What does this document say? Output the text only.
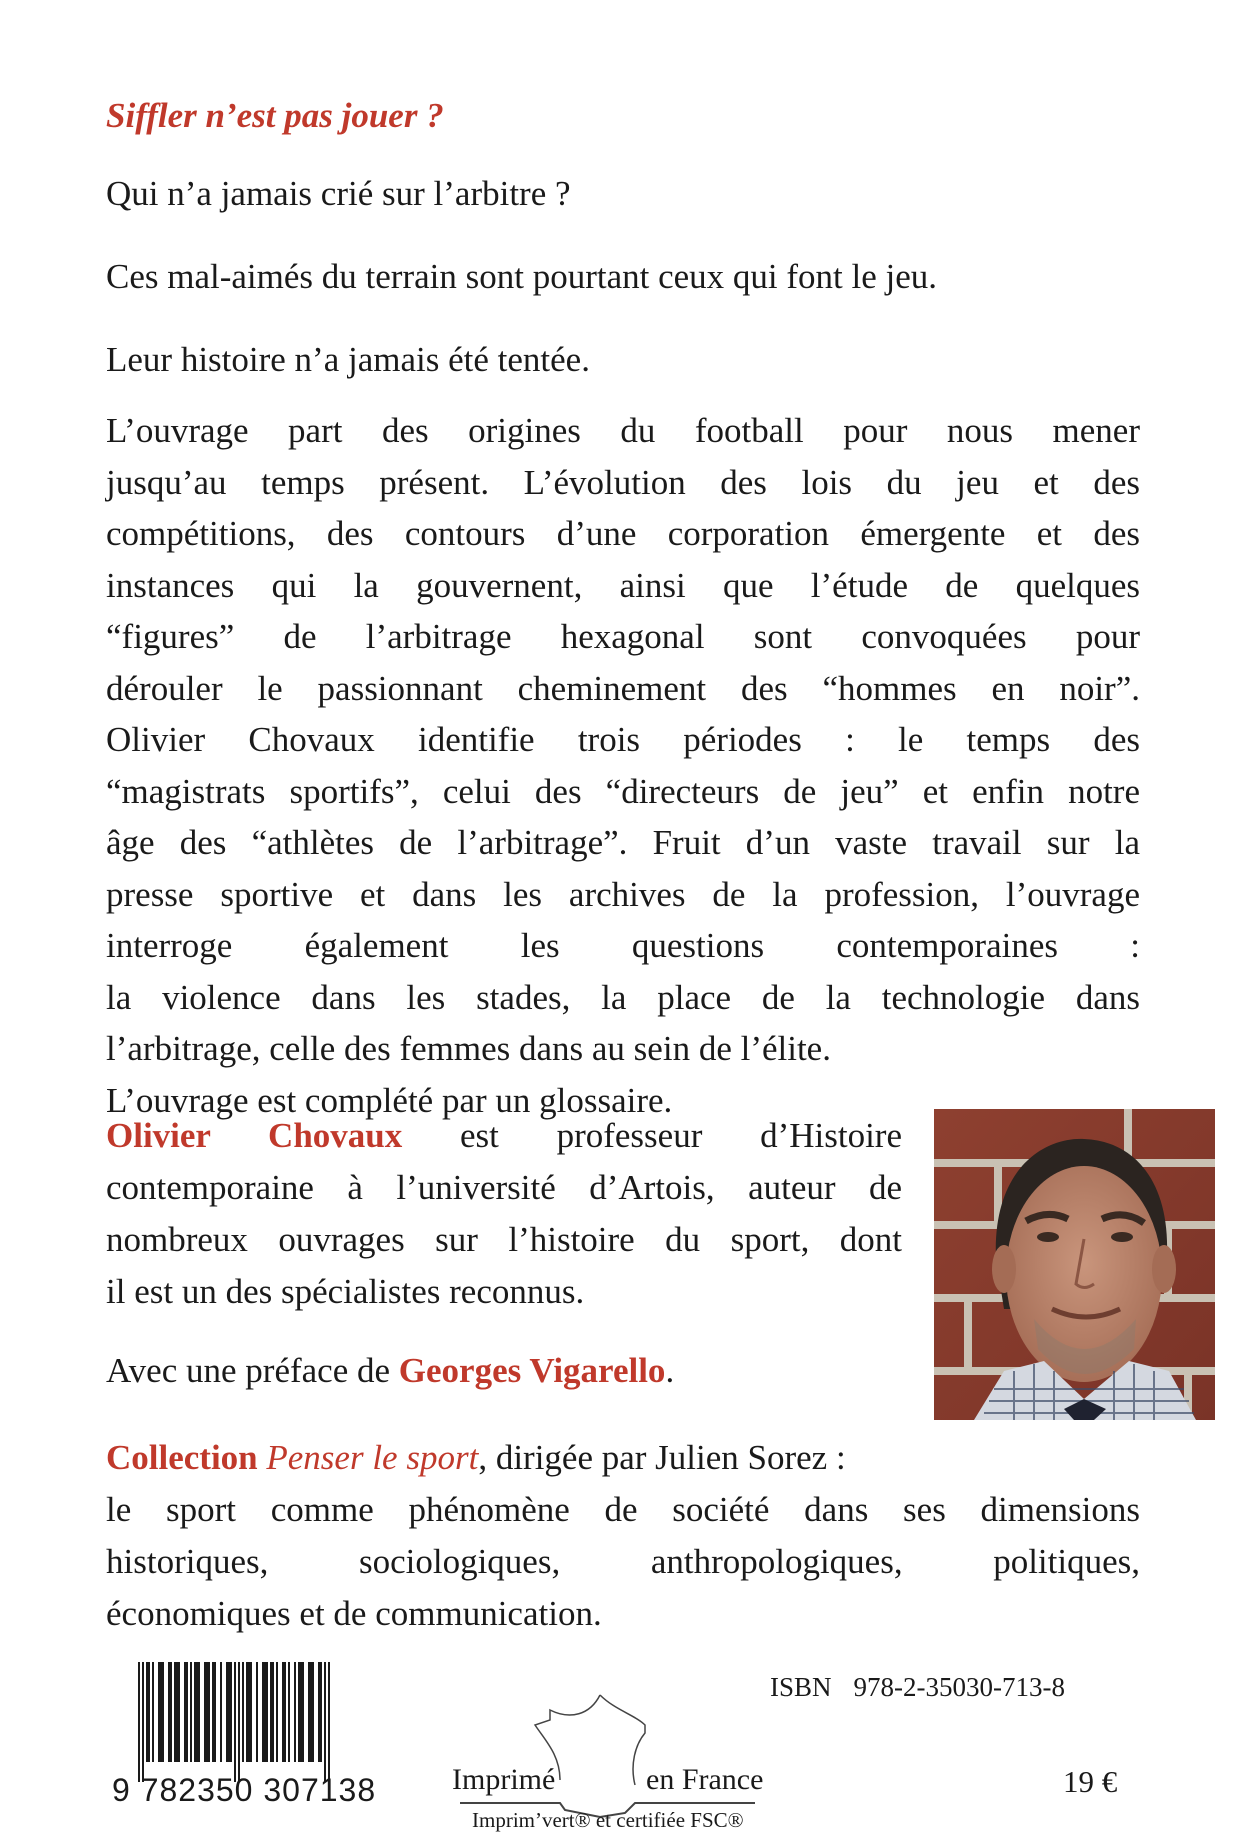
Siffler n’est pas jouer ?

Qui n’a jamais crié sur l’arbitre ?

Ces mal-aimés du terrain sont pourtant ceux qui font le jeu.

Leur histoire n’a jamais été tentée.

L’ouvrage part des origines du football pour nous mener
jusqu’au temps présent. L’évolution des lois du jeu et des
compétitions, des contours d’une corporation émergente et des
instances qui la gouvernent, ainsi que l’étude de quelques
“figures” de l’arbitrage hexagonal sont convoquées pour
dérouler le passionnant cheminement des “hommes en noir”.
Olivier Chovaux identifie trois périodes : le temps des
“magistrats sportifs”, celui des “directeurs de jeu” et enfin notre
âge des “athlètes de l’arbitrage”. Fruit d’un vaste travail sur la
presse sportive et dans les archives de la profession, l’ouvrage
interroge également les questions contemporaines :
la violence dans les stades, la place de la technologie dans
l’arbitrage, celle des femmes dans au sein de l’élite.
L’ouvrage est complété par un glossaire.
Olivier Chovaux est professeur d’Histoire
contemporaine à l’université d’Artois, auteur de
nombreux ouvrages sur l’histoire du sport, dont
il est un des spécialistes reconnus.

Avec une préface de Georges Vigarello.

Collection Penser le sport, dirigée par Julien Sorez :
le sport comme phénomène de société dans ses dimensions
historiques, sociologiques, anthropologiques, politiques,
économiques et de communication.
9 782350 307138
ISBN 978-2-35030-713-8
Imprimé	en France
Imprim’vert® et certifiée FSC®
19 €
